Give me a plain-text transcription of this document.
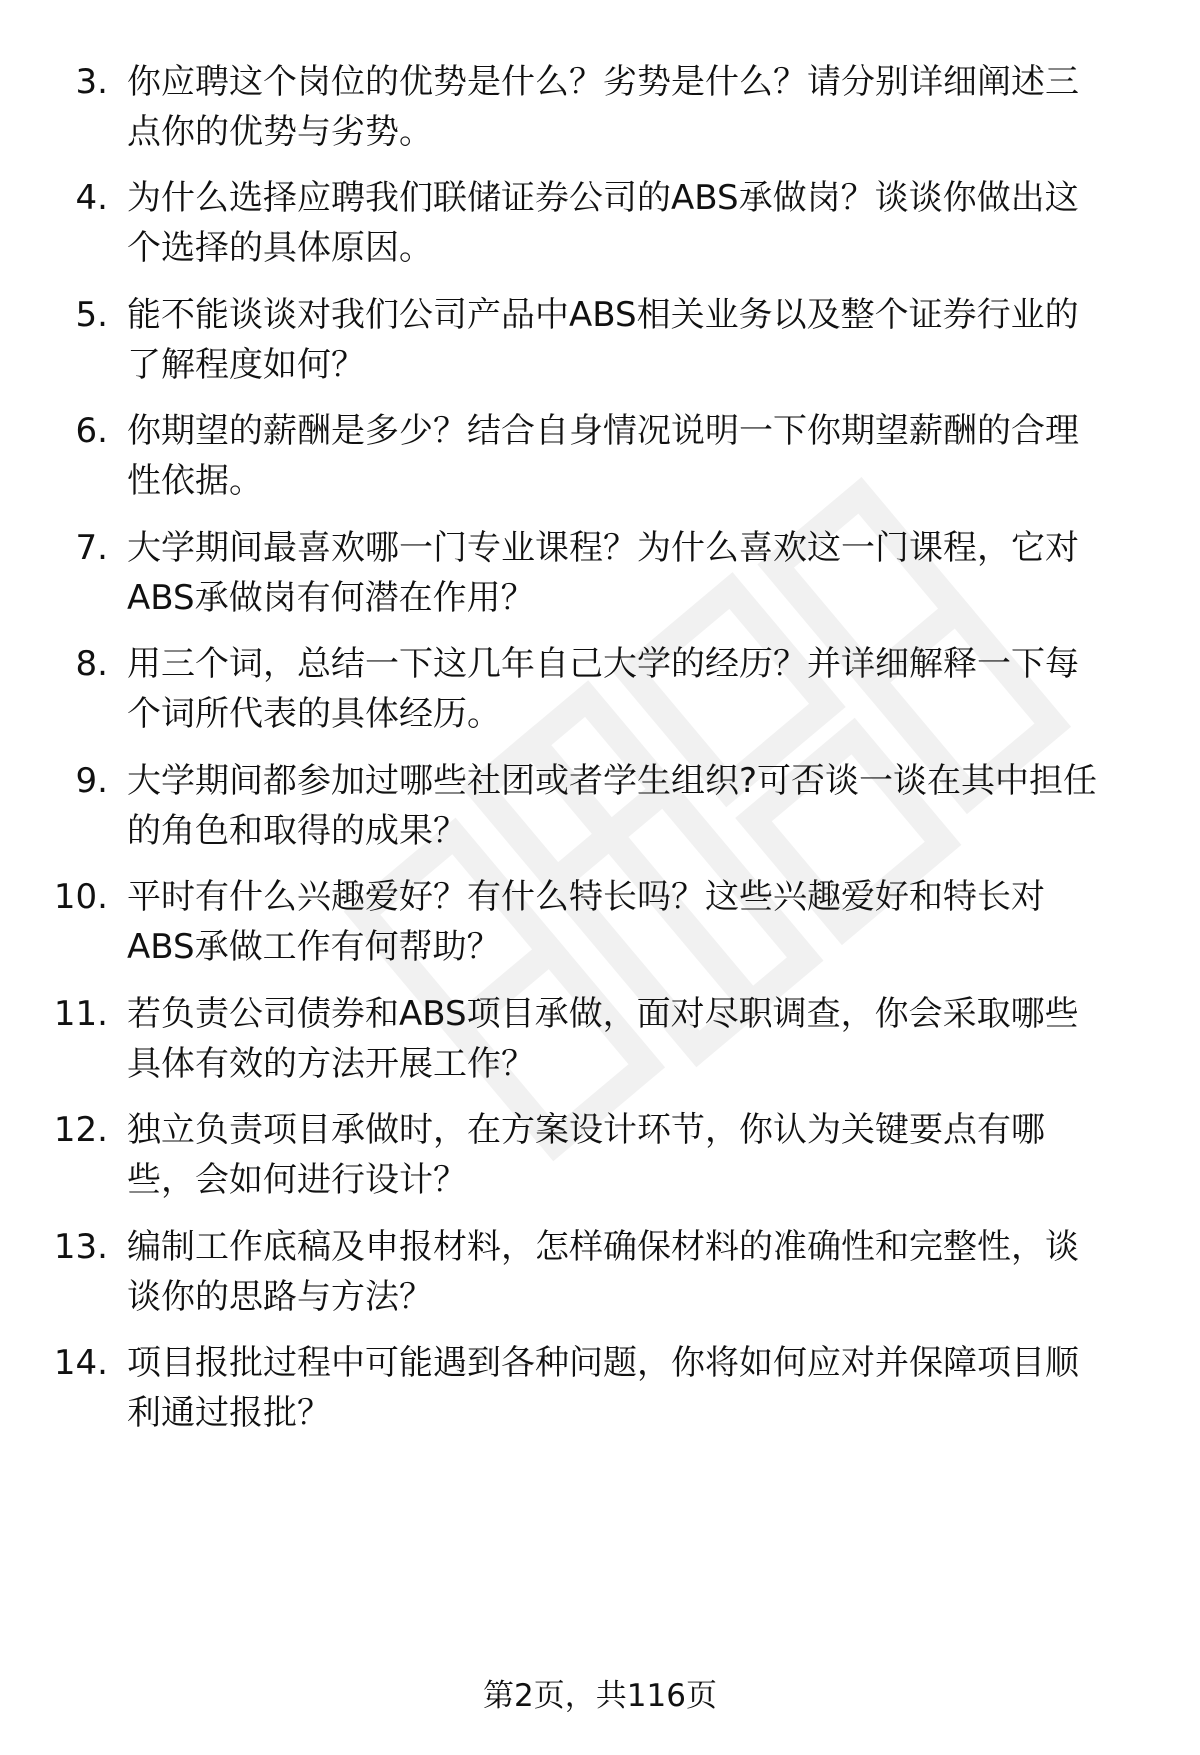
3. 你应聘这个岗位的优势是什么？劣势是什么？请分别详细阐述三
点你的优势与劣势。
4. 为什么选择应聘我们联储证券公司的ABS承做岗？谈谈你做出这
个选择的具体原因。
5. 能不能谈谈对我们公司产品中ABS相关业务以及整个证券行业的
了解程度如何？
6. 你期望的薪酬是多少？结合自身情况说明一下你期望薪酬的合理
性依据。
7. 大学期间最喜欢哪一门专业课程？为什么喜欢这一门课程，它对
ABS承做岗有何潜在作用？
8. 用三个词，总结一下这几年自己大学的经历？并详细解释一下每
个词所代表的具体经历。
9. 大学期间都参加过哪些社团或者学生组织?可否谈一谈在其中担任
的角色和取得的成果？
10. 平时有什么兴趣爱好？有什么特长吗？这些兴趣爱好和特长对
ABS承做工作有何帮助？
11. 若负责公司债券和ABS项目承做，面对尽职调查，你会采取哪些
具体有效的方法开展工作？
12. 独立负责项目承做时，在方案设计环节，你认为关键要点有哪
些，会如何进行设计？
13. 编制工作底稿及申报材料，怎样确保材料的准确性和完整性，谈
谈你的思路与方法？
14. 项目报批过程中可能遇到各种问题，你将如何应对并保障项目顺
利通过报批？
第2页，共116页
